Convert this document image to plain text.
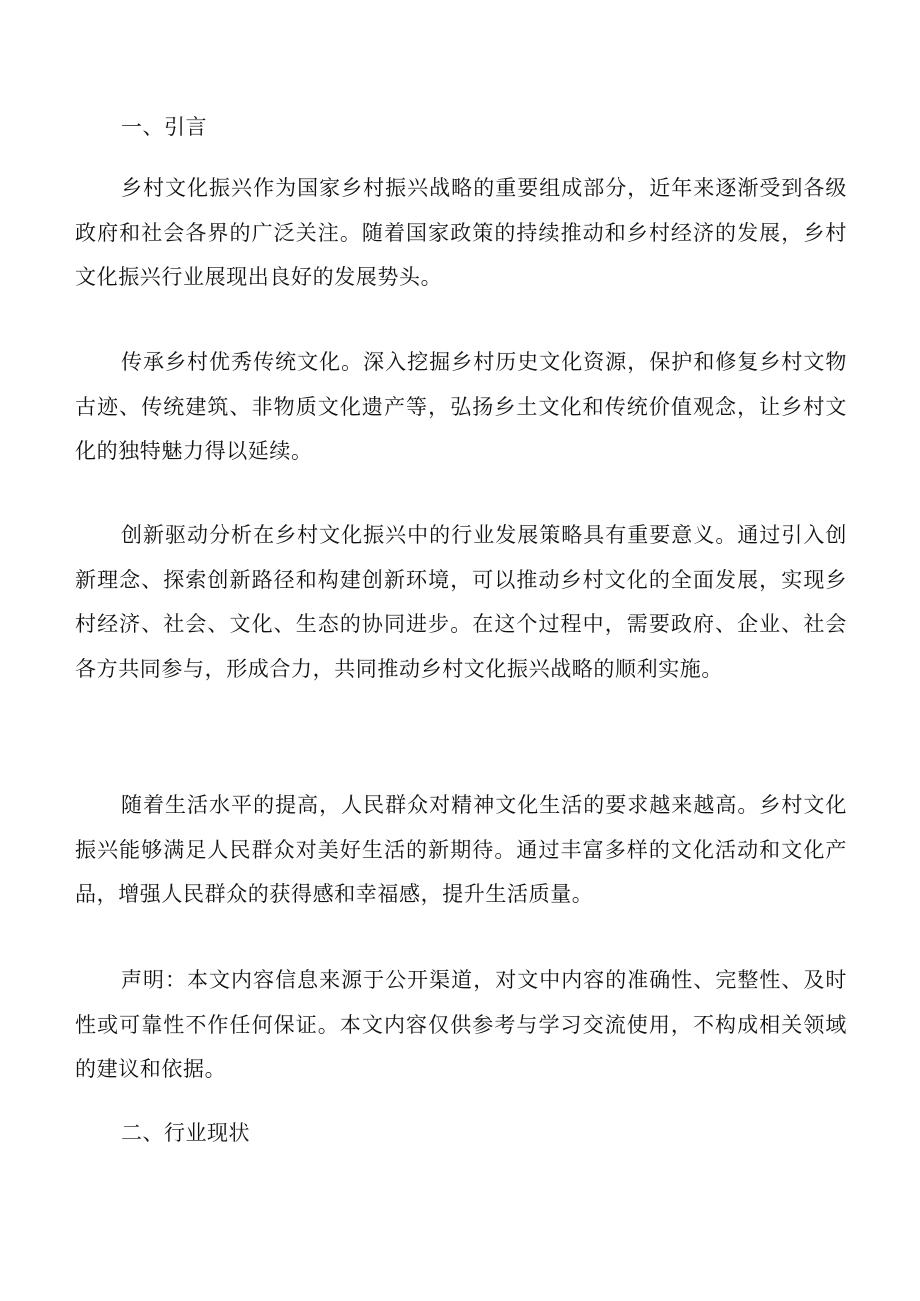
一、引言

乡村文化振兴作为国家乡村振兴战略的重要组成部分，近年来逐渐受到各级政府和社会各界的广泛关注。随着国家政策的持续推动和乡村经济的发展，乡村文化振兴行业展现出良好的发展势头。

传承乡村优秀传统文化。深入挖掘乡村历史文化资源，保护和修复乡村文物古迹、传统建筑、非物质文化遗产等，弘扬乡土文化和传统价值观念，让乡村文化的独特魅力得以延续。

创新驱动分析在乡村文化振兴中的行业发展策略具有重要意义。通过引入创新理念、探索创新路径和构建创新环境，可以推动乡村文化的全面发展，实现乡村经济、社会、文化、生态的协同进步。在这个过程中，需要政府、企业、社会各方共同参与，形成合力，共同推动乡村文化振兴战略的顺利实施。

随着生活水平的提高，人民群众对精神文化生活的要求越来越高。乡村文化振兴能够满足人民群众对美好生活的新期待。通过丰富多样的文化活动和文化产品，增强人民群众的获得感和幸福感，提升生活质量。

声明：本文内容信息来源于公开渠道，对文中内容的准确性、完整性、及时性或可靠性不作任何保证。本文内容仅供参考与学习交流使用，不构成相关领域的建议和依据。

二、行业现状
